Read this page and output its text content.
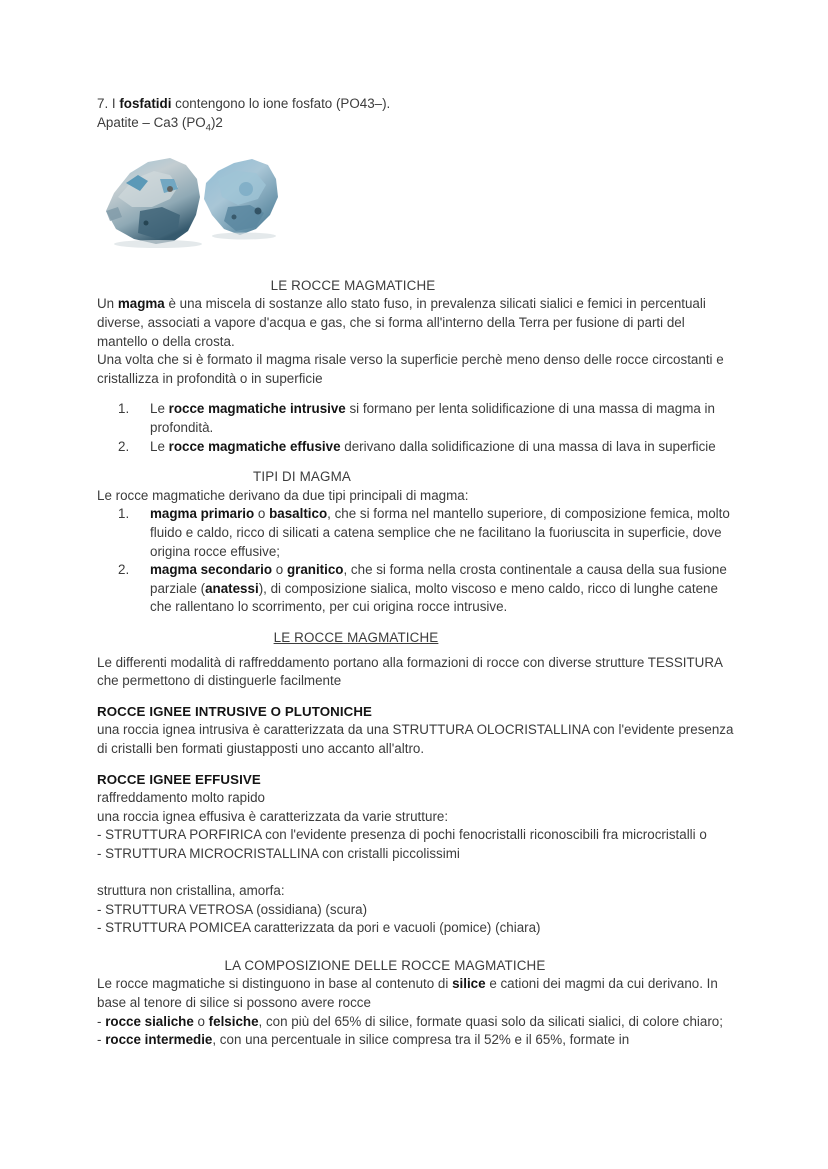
7. I fosfatidi contengono lo ione fosfato (PO43–).
Apatite – Ca3 $(PO_4)2$
LE ROCCE MAGMATICHE

Un magma è una miscela di sostanze allo stato fuso, in prevalenza silicati sialici e femici in percentuali diverse, associati a vapore d'acqua e gas, che si forma all'interno della Terra per fusione di parti del mantello o della crosta.

Una volta che si è formato il magma risale verso la superficie perchè meno denso delle rocce circostanti e cristallizza in profondità o in superficie

1.	Le rocce magmatiche intrusive si formano per lenta solidificazione di una massa di magma in profondità.
2.	Le rocce magmatiche effusive derivano dalla solidificazione di una massa di lava in superficie
TIPI DI MAGMA

Le rocce magmatiche derivano da due tipi principali di magma:

1.	magma primario o basaltico, che si forma nel mantello superiore, di composizione femica, molto fluido e caldo, ricco di silicati a catena semplice che ne facilitano la fuoriuscita in superficie, dove origina rocce effusive;
2.	magma secondario o granitico, che si forma nella crosta continentale a causa della sua fusione parziale (anatessi), di composizione sialica, molto viscoso e meno caldo, ricco di lunghe catene che rallentano lo scorrimento, per cui origina rocce intrusive.
LE ROCCE MAGMATICHE

Le differenti modalità di raffreddamento portano alla formazioni di rocce con diverse strutture TESSITURA che permettono di distinguerle facilmente

ROCCE IGNEE INTRUSIVE O PLUTONICHE

una roccia ignea intrusiva è caratterizzata da una STRUTTURA OLOCRISTALLINA con l'evidente presenza di cristalli ben formati giustapposti uno accanto all'altro.

ROCCE IGNEE EFFUSIVE

raffreddamento molto rapido

una roccia ignea effusiva è caratterizzata da varie strutture:

- STRUTTURA PORFIRICA con l'evidente presenza di pochi fenocristalli riconoscibili fra microcristalli o

- STRUTTURA MICROCRISTALLINA con cristalli piccolissimi

struttura non cristallina, amorfa:

- STRUTTURA VETROSA (ossidiana) (scura)

- STRUTTURA POMICEA caratterizzata da pori e vacuoli (pomice) (chiara)

LA COMPOSIZIONE DELLE ROCCE MAGMATICHE

Le rocce magmatiche si distinguono in base al contenuto di silice e cationi dei magmi da cui derivano. In base al tenore di silice si possono avere rocce

- rocce sialiche o felsiche, con più del 65% di silice, formate quasi solo da silicati sialici, di colore chiaro;

- rocce intermedie, con una percentuale in silice compresa tra il 52% e il 65%, formate in
